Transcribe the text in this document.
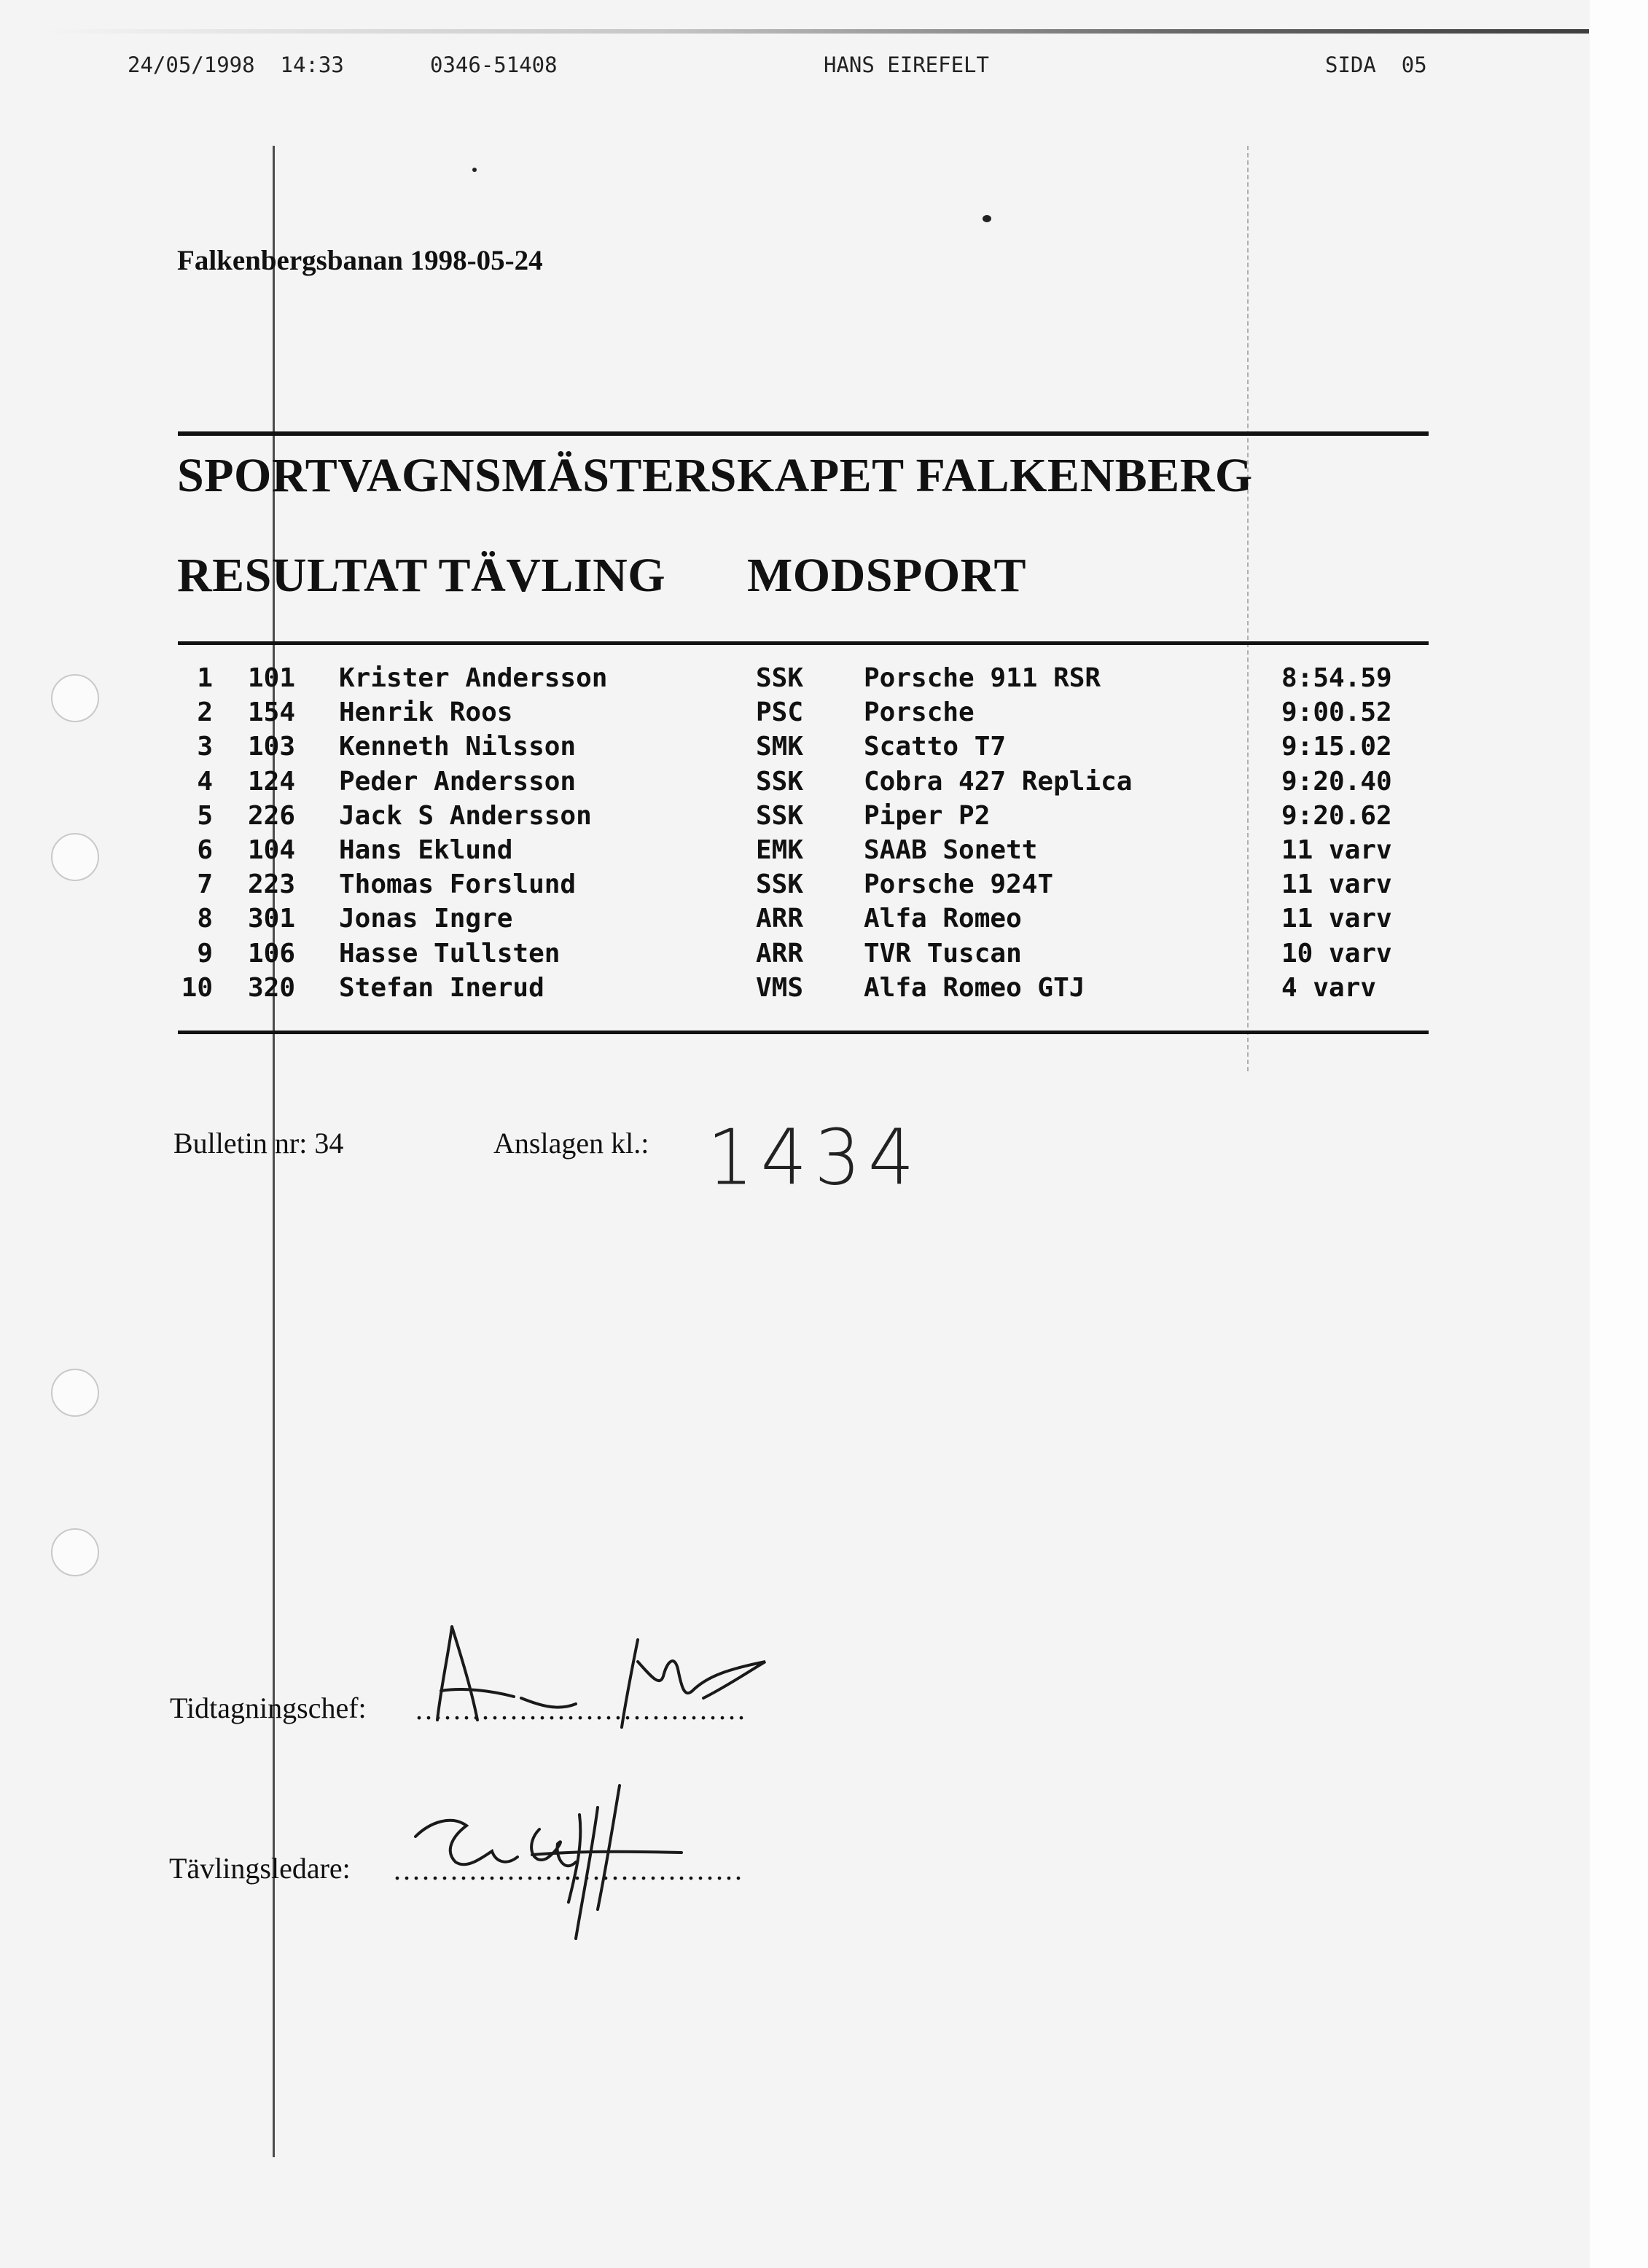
24/05/1998  14:33	0346-51408	HANS EIREFELT	SIDA  05
Falkenbergsbanan 1998-05-24
SPORTVAGNSMÄSTERSKAPET FALKENBERG
RESULTAT TÄVLING MODSPORT
1 101 Krister Andersson	SSK Porsche 911 RSR	8:54.59
2 154 Henrik Roos	PSC Porsche	9:00.52
3 103 Kenneth Nilsson	SMK Scatto T7	9:15.02
4 124 Peder Andersson	SSK Cobra 427 Replica	9:20.40
5 226 Jack S Andersson	SSK Piper P2	9:20.62
6 104 Hans Eklund	EMK SAAB Sonett	11 varv
7 223 Thomas Forslund	SSK Porsche 924T	11 varv
8 301 Jonas Ingre	ARR Alfa Romeo	11 varv
9 106 Hasse Tullsten	ARR TVR Tuscan	10 varv
10 320 Stefan Inerud	VMS Alfa Romeo GTJ	4 varv
Bulletin nr: 34	Anslagen kl.: 1434
Tidtagningschef: ...................................
Tävlingsledare: .....................................
